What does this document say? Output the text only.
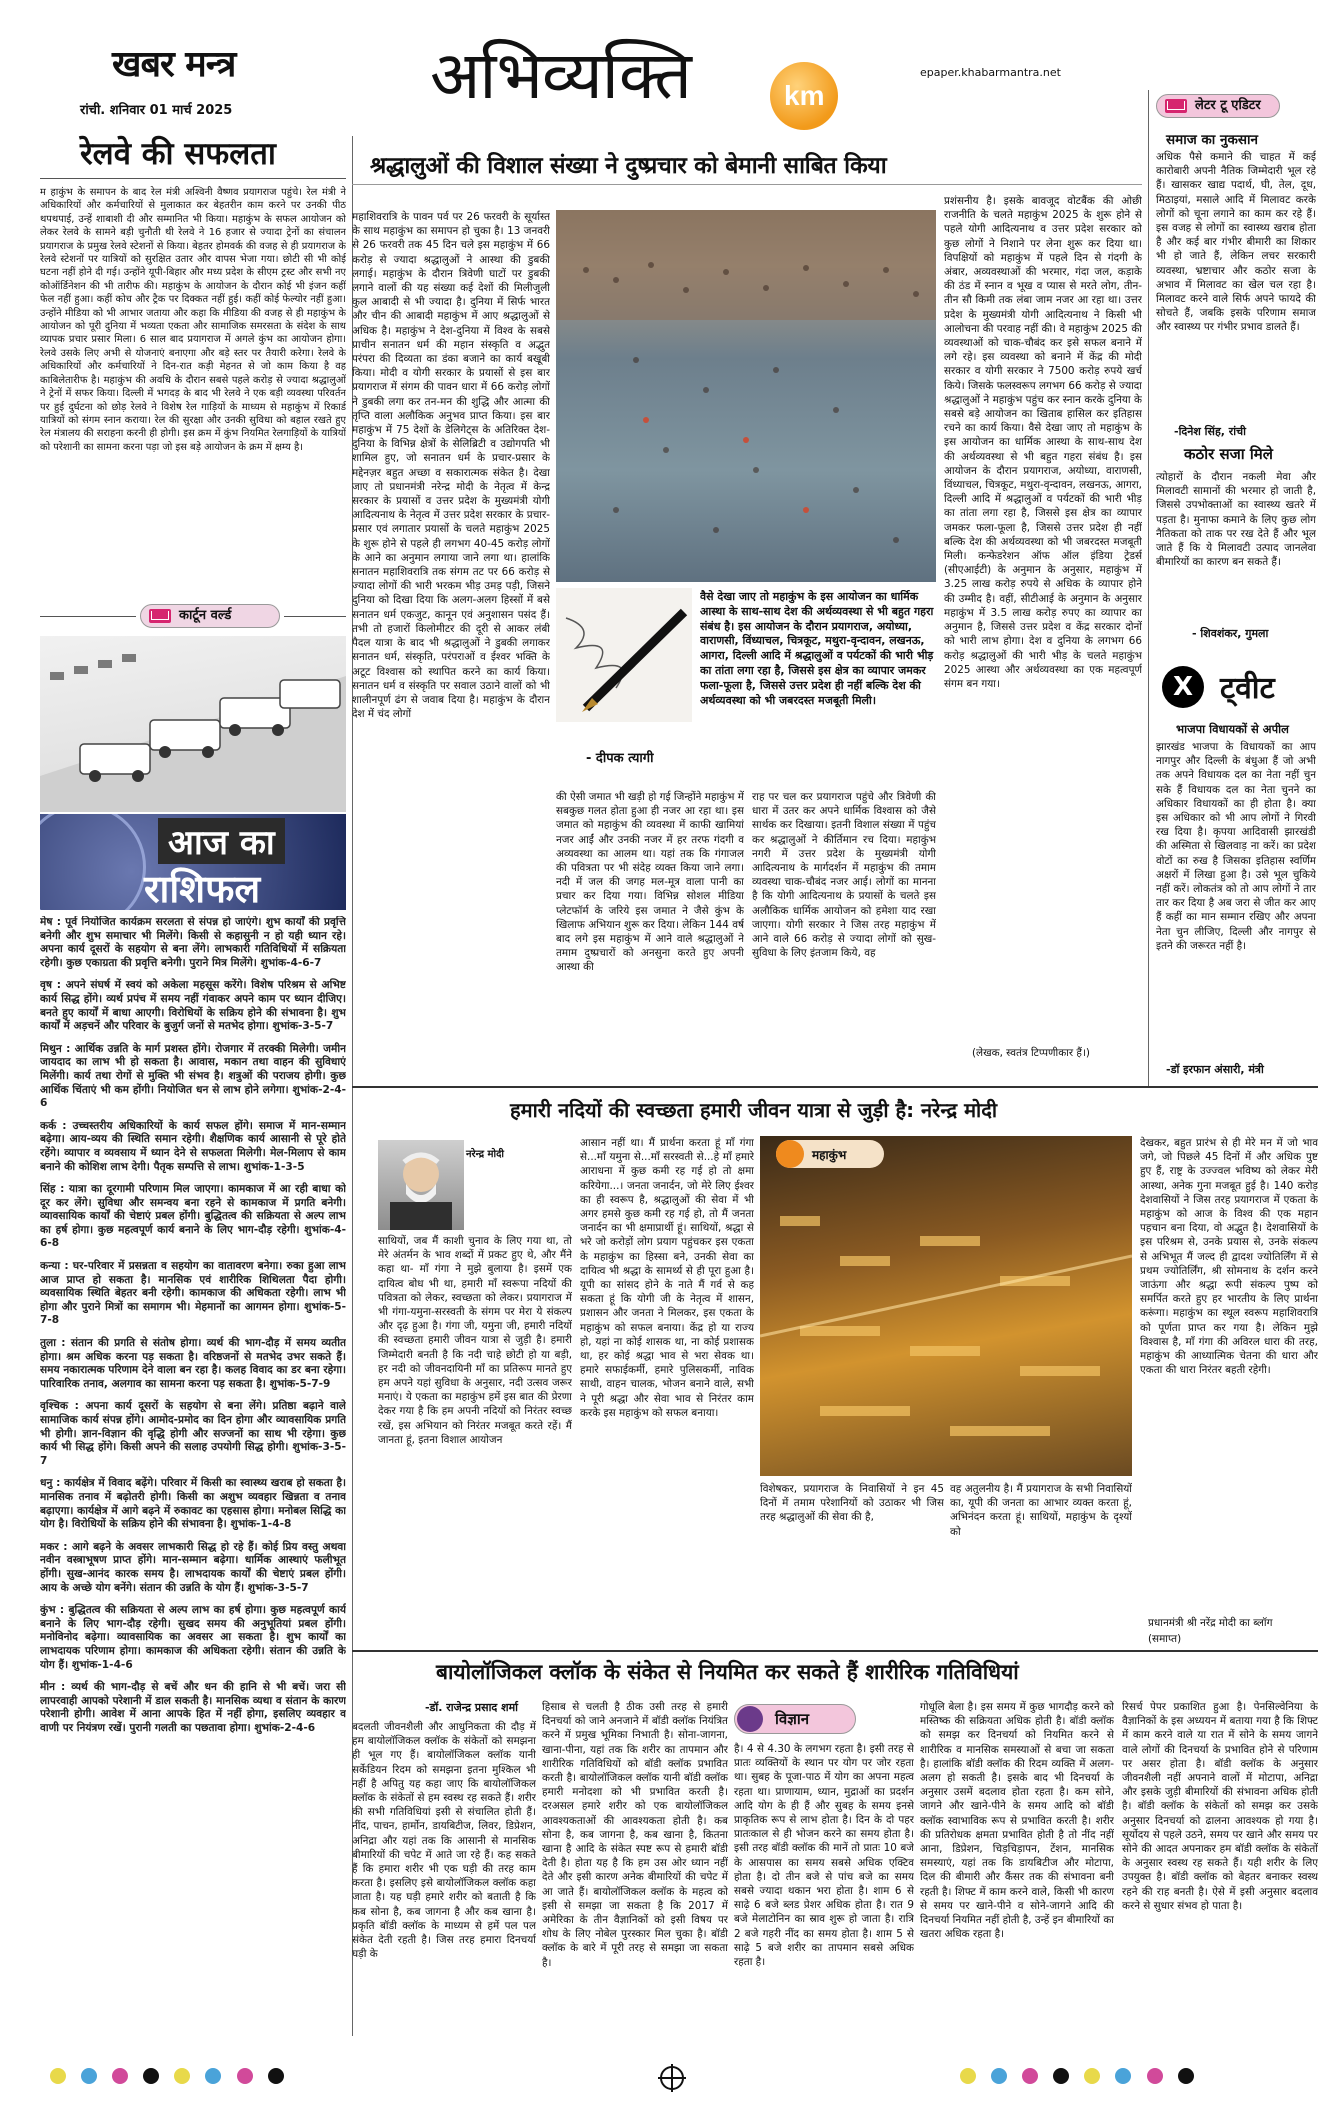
खबर मन्त्र
रांची. शनिवार 01 मार्च 2025	अभिव्यक्ति	km
epaper.khabarmantra.net
रेलवे की सफलता
म हाकुंभ के समापन के बाद रेल मंत्री अश्विनी वैष्णव प्रयागराज पहुंचे। रेल मंत्री ने अधिकारियों और कर्मचारियों से मुलाकात कर बेहतरीन काम करने पर उनकी पीठ थपथपाई, उन्हें शाबाशी दी और सम्मानित भी किया। महाकुंभ के सफल आयोजन को लेकर रेलवे के सामने बड़ी चुनौती थी रेलवे ने 16 हजार से ज्यादा ट्रेनों का संचालन प्रयागराज के प्रमुख रेलवे स्टेशनों से किया। बेहतर होमवर्क की वजह से ही प्रयागराज के रेलवे स्टेशनों पर यात्रियों को सुरक्षित उतार और वापस भेजा गया। छोटी सी भी कोई घटना नहीं होने दी गई। उन्होंने यूपी-बिहार और मध्य प्रदेश के सीएम ट्रस्ट और सभी नए कोऑर्डिनेशन की भी तारीफ की। महाकुंभ के आयोजन के दौरान कोई भी इंजन कहीं फेल नहीं हुआ। कहीं कोच और ट्रैक पर दिक्कत नहीं हुई। कहीं कोई फेल्योर नहीं हुआ। उन्होंने मीडिया को भी आभार जताया और कहा कि मीडिया की वजह से ही महाकुंभ के आयोजन को पूरी दुनिया में भव्यता एकता और सामाजिक समरसता के संदेश के साथ व्यापक प्रचार प्रसार मिला। 6 साल बाद प्रयागराज में अगले कुंभ का आयोजन होगा। रेलवे उसके लिए अभी से योजनाएं बनाएगा और बड़े स्तर पर तैयारी करेगा। रेलवे के अधिकारियों और कर्मचारियों ने दिन-रात कड़ी मेहनत से जो काम किया है वह काबिलेतारीफ है। महाकुंभ की अवधि के दौरान सबसे पहले करोड़ से ज्यादा श्रद्धालुओं ने ट्रेनों में सफर किया। दिल्ली में भगदड़ के बाद भी रेलवे ने एक बड़ी व्यवस्था परिवर्तन पर हुई दुर्घटना को छोड़ रेलवे ने विशेष रेल गाड़ियों के माध्यम से महाकुंभ में रिकार्ड यात्रियों को संगम स्नान कराया। रेल की सुरक्षा और उनकी सुविधा को बहाल रखते हुए रेल मंत्रालय की सराहना करनी ही होगी। इस क्रम में कुंभ नियमित रेलगाड़ियों के यात्रियों को परेशानी का सामना करना पड़ा जो इस बड़े आयोजन के क्रम में क्षम्य है।
कार्टून वर्ल्ड
आज का
राशिफल

मेष : पूर्व नियोजित कार्यक्रम सरलता से संपन्न हो जाएंगे। शुभ कार्यों की प्रवृत्ति बनेगी और शुभ समाचार भी मिलेंगे। किसी से कहासुनी न हो यही ध्यान रहे। अपना कार्य दूसरों के सहयोग से बना लेंगे। लाभकारी गतिविधियों में सक्रियता रहेगी। कुछ एकाग्रता की प्रवृत्ति बनेगी। पुराने मित्र मिलेंगे। शुभांक-4-6-7

वृष : अपने संघर्ष में स्वयं को अकेला महसूस करेंगे। विशेष परिश्रम से अभिष्ट कार्य सिद्ध होंगे। व्यर्थ प्रपंच में समय नहीं गंवाकर अपने काम पर ध्यान दीजिए। बनते हुए कार्यों में बाधा आएगी। विरोधियों के सक्रिय होने की संभावना है। शुभ कार्यों में अड़चनें और परिवार के बुजुर्ग जनों से मतभेद होगा। शुभांक-3-5-7

मिथुन : आर्थिक उन्नति के मार्ग प्रशस्त होंगे। रोजगार में तरक्की मिलेगी। जमीन जायदाद का लाभ भी हो सकता है। आवास, मकान तथा वाहन की सुविधाएं मिलेंगी। कार्य तथा रोगों से मुक्ति भी संभव है। शत्रुओं की पराजय होगी। कुछ आर्थिक चिंताएं भी कम होंगी। नियोजित धन से लाभ होने लगेगा। शुभांक-2-4-6

कर्क : उच्चस्तरीय अधिकारियों के कार्य सफल होंगे। समाज में मान-सम्मान बढ़ेगा। आय-व्यय की स्थिति समान रहेगी। शैक्षणिक कार्य आसानी से पूरे होते रहेंगे। व्यापार व व्यवसाय में ध्यान देने से सफलता मिलेगी। मेल-मिलाप से काम बनाने की कोशिश लाभ देगी। पैतृक सम्पत्ति से लाभ। शुभांक-1-3-5

सिंह : यात्रा का दूरगामी परिणाम मिल जाएगा। कामकाज में आ रही बाधा को दूर कर लेंगे। सुविधा और समन्वय बना रहने से कामकाज में प्रगति बनेगी। व्यावसायिक कार्यों की चेष्टाएं प्रबल होंगी। बुद्धितत्व की सक्रियता से अल्प लाभ का हर्ष होगा। कुछ महत्वपूर्ण कार्य बनाने के लिए भाग-दौड़ रहेगी। शुभांक-4-6-8

कन्या : घर-परिवार में प्रसन्नता व सहयोग का वातावरण बनेगा। रुका हुआ लाभ आज प्राप्त हो सकता है। मानसिक एवं शारीरिक शिथिलता पैदा होगी। व्यवसायिक स्थिति बेहतर बनी रहेगी। कामकाज की अधिकता रहेगी। लाभ भी होगा और पुराने मित्रों का समागम भी। मेहमानों का आगमन होगा। शुभांक-5-7-8

तुला : संतान की प्रगति से संतोष होगा। व्यर्थ की भाग-दौड़ में समय व्यतीत होगा। श्रम अधिक करना पड़ सकता है। वरिष्ठजनों से मतभेद उभर सकते हैं। समय नकारात्मक परिणाम देने वाला बन रहा है। कलह विवाद का डर बना रहेगा। पारिवारिक तनाव, अलगाव का सामना करना पड़ सकता है। शुभांक-5-7-9

वृश्चिक : अपना कार्य दूसरों के सहयोग से बना लेंगे। प्रतिष्ठा बढ़ाने वाले सामाजिक कार्य संपन्न होंगे। आमोद-प्रमोद का दिन होगा और व्यावसायिक प्रगति भी होगी। ज्ञान-विज्ञान की वृद्धि होगी और सज्जनों का साथ भी रहेगा। कुछ कार्य भी सिद्ध होंगे। किसी अपने की सलाह उपयोगी सिद्ध होगी। शुभांक-3-5-7

धनु : कार्यक्षेत्र में विवाद बढ़ेंगे। परिवार में किसी का स्वास्थ्य खराब हो सकता है। मानसिक तनाव में बढ़ोतरी होगी। किसी का अशुभ व्यवहार खिन्नता व तनाव बढ़ाएगा। कार्यक्षेत्र में आगे बढ़ने में रुकावट का एहसास होगा। मनोबल सिद्धि का योग है। विरोधियों के सक्रिय होने की संभावना है। शुभांक-1-4-8

मकर : आगे बढ़ने के अवसर लाभकारी सिद्ध हो रहे हैं। कोई प्रिय वस्तु अथवा नवीन वस्त्राभूषण प्राप्त होंगे। मान-सम्मान बढ़ेगा। धार्मिक आस्थाएं फलीभूत होंगी। सुख-आनंद कारक समय है। लाभदायक कार्यों की चेष्टाएं प्रबल होंगी। आय के अच्छे योग बनेंगे। संतान की उन्नति के योग हैं। शुभांक-3-5-7

कुंभ : बुद्धितत्व की सक्रियता से अल्प लाभ का हर्ष होगा। कुछ महत्वपूर्ण कार्य बनाने के लिए भाग-दौड़ रहेगी। सुखद समय की अनुभूतियां प्रबल होंगी। मनोविनोद बढ़ेगा। व्यावसायिक का अवसर आ सकता है। शुभ कार्यों का लाभदायक परिणाम होगा। कामकाज की अधिकता रहेगी। संतान की उन्नति के योग हैं। शुभांक-1-4-6

मीन : व्यर्थ की भाग-दौड़ से बचें और धन की हानि से भी बचें। जरा सी लापरवाही आपको परेशानी में डाल सकती है। मानसिक व्यथा व संतान के कारण परेशानी होगी। आवेश में आना आपके हित में नहीं होगा, इसलिए व्यवहार व वाणी पर नियंत्रण रखें। पुरानी गलती का पछतावा होगा। शुभांक-2-4-6

श्रद्धालुओं की विशाल संख्या ने दुष्प्रचार को बेमानी साबित किया
महाशिवरात्रि के पावन पर्व पर 26 फरवरी के सूर्यास्त के साथ महाकुंभ का समापन हो चुका है। 13 जनवरी से 26 फरवरी तक 45 दिन चले इस महाकुंभ में 66 करोड़ से ज्यादा श्रद्धालुओं ने आस्था की डुबकी लगाई। महाकुंभ के दौरान त्रिवेणी घाटों पर डुबकी लगाने वालों की यह संख्या कई देशों की मिलीजुली कुल आबादी से भी ज्यादा है। दुनिया में सिर्फ भारत और चीन की आबादी महाकुंभ में आए श्रद्धालुओं से अधिक है। महाकुंभ ने देश-दुनिया में विश्व के सबसे प्राचीन सनातन धर्म की महान संस्कृति व अद्भुत परंपरा की दिव्यता का डंका बजाने का कार्य बखूबी किया। मोदी व योगी सरकार के प्रयासों से इस बार प्रयागराज में संगम की पावन धारा में 66 करोड़ लोगों ने डुबकी लगा कर तन-मन की शुद्धि और आत्मा की तृप्ति वाला अलौकिक अनुभव प्राप्त किया। इस बार महाकुंभ में 75 देशों के डेलिगेट्स के अतिरिक्त देश-दुनिया के विभिन्न क्षेत्रों के सेलिब्रिटी व उद्योगपति भी शामिल हुए, जो सनातन धर्म के प्रचार-प्रसार के मद्देनज़र बहुत अच्छा व सकारात्मक संकेत है। देखा जाए तो प्रधानमंत्री नरेन्द्र मोदी के नेतृत्व में केन्द्र सरकार के प्रयासों व उत्तर प्रदेश के मुख्यमंत्री योगी आदित्यनाथ के नेतृत्व में उत्तर प्रदेश सरकार के प्रचार-प्रसार एवं लगातार प्रयासों के चलते महाकुंभ 2025 के शुरू होने से पहले ही लगभग 40-45 करोड़ लोगों के आने का अनुमान लगाया जाने लगा था। हालांकि सनातन महाशिवरात्रि तक संगम तट पर 66 करोड़ से ज्यादा लोगों की भारी भरकम भीड़ उमड़ पड़ी, जिसने दुनिया को दिखा दिया कि अलग-अलग हिस्सों में बसे सनातन धर्म एकजुट, कानून एवं अनुशासन पसंद हैं। तभी तो हजारों किलोमीटर की दूरी से आकर लंबी पैदल यात्रा के बाद भी श्रद्धालुओं ने डुबकी लगाकर सनातन धर्म, संस्कृति, परंपराओं व ईश्वर भक्ति के अटूट विश्वास को स्थापित करने का कार्य किया। सनातन धर्म व संस्कृति पर सवाल उठाने वालों को भी शालीनपूर्ण ढंग से जवाब दिया है। महाकुंभ के दौरान देश में चंद लोगों
- दीपक त्यागी
वैसे देखा जाए तो महाकुंभ के इस आयोजन का धार्मिक आस्था के साथ-साथ देश की अर्थव्यवस्था से भी बहुत गहरा संबंध है। इस आयोजन के दौरान प्रयागराज, अयोध्या, वाराणसी, विंध्याचल, चित्रकूट, मथुरा-वृन्दावन, लखनऊ, आगरा, दिल्ली आदि में श्रद्धालुओं व पर्यटकों की भारी भीड़ का तांता लगा रहा है, जिससे इस क्षेत्र का व्यापार जमकर फला-फूला है, जिससे उत्तर प्रदेश ही नहीं बल्कि देश की अर्थव्यवस्था को भी जबरदस्त मजबूती मिली।
की ऐसी जमात भी खड़ी हो गई जिन्होंने महाकुंभ में सबकुछ गलत होता हुआ ही नजर आ रहा था। इस जमात को महाकुंभ की व्यवस्था में काफी खामियां नजर आईं और उनकी नजर में हर तरफ गंदगी व अव्यवस्था का आलम था। यहां तक कि गंगाजल की पवित्रता पर भी संदेह व्यक्त किया जाने लगा। नदी में जल की जगह मल-मूत्र वाला पानी का प्रचार कर दिया गया। विभिन्न सोशल मीडिया प्लेटफॉर्म के जरिये इस जमात ने जैसे कुंभ के खिलाफ अभियान शुरू कर दिया। लेकिन 144 वर्ष बाद लगे इस महाकुंभ में आने वाले श्रद्धालुओं ने तमाम दुष्प्रचारों को अनसुना करते हुए अपनी आस्था की
राह पर चल कर प्रयागराज पहुंचे और त्रिवेणी की धारा में उतर कर अपने धार्मिक विश्वास को जैसे सार्थक कर दिखाया। इतनी विशाल संख्या में पहुंच कर श्रद्धालुओं ने कीर्तिमान रच दिया। महाकुंभ नगरी में उत्तर प्रदेश के मुख्यमंत्री योगी आदित्यनाथ के मार्गदर्शन में महाकुंभ की तमाम व्यवस्था चाक-चौबंद नजर आई। लोगों का मानना है कि योगी आदित्यनाथ के प्रयासों के चलते इस अलौकिक धार्मिक आयोजन को हमेशा याद रखा जाएगा। योगी सरकार ने जिस तरह महाकुंभ में आने वाले 66 करोड़ से ज्यादा लोगों को सुख-सुविधा के लिए इंतजाम किये, वह
प्रशंसनीय है। इसके बावजूद वोटबैंक की ओछी राजनीति के चलते महाकुंभ 2025 के शुरू होने से पहले योगी आदित्यनाथ व उत्तर प्रदेश सरकार को कुछ लोगों ने निशाने पर लेना शुरू कर दिया था। विपक्षियों को महाकुंभ में पहले दिन से गंदगी के अंबार, अव्यवस्थाओं की भरमार, गंदा जल, कड़ाके की ठंड में स्नान व भूख व प्यास से मरते लोग, तीन-तीन सौ किमी तक लंबा जाम नजर आ रहा था। उत्तर प्रदेश के मुख्यमंत्री योगी आदित्यनाथ ने किसी भी आलोचना की परवाह नहीं की। वे महाकुंभ 2025 की व्यवस्थाओं को चाक-चौबंद कर इसे सफल बनाने में लगे रहे। इस व्यवस्था को बनाने में केंद्र की मोदी सरकार व योगी सरकार ने 7500 करोड़ रुपये खर्च किये। जिसके फलस्वरूप लगभग 66 करोड़ से ज्यादा श्रद्धालुओं ने महाकुंभ पहुंच कर स्नान करके दुनिया के सबसे बड़े आयोजन का खिताब हासिल कर इतिहास रचने का कार्य किया। वैसे देखा जाए तो महाकुंभ के इस आयोजन का धार्मिक आस्था के साथ-साथ देश की अर्थव्यवस्था से भी बहुत गहरा संबंध है। इस आयोजन के दौरान प्रयागराज, अयोध्या, वाराणसी, विंध्याचल, चित्रकूट, मथुरा-वृन्दावन, लखनऊ, आगरा, दिल्ली आदि में श्रद्धालुओं व पर्यटकों की भारी भीड़ का तांता लगा रहा है, जिससे इस क्षेत्र का व्यापार जमकर फला-फूला है, जिससे उत्तर प्रदेश ही नहीं बल्कि देश की अर्थव्यवस्था को भी जबरदस्त मजबूती मिली। कन्फेडरेशन ऑफ ऑल इंडिया ट्रेडर्स (सीएआईटी) के अनुमान के अनुसार, महाकुंभ में 3.25 लाख करोड़ रुपये से अधिक के व्यापार होने की उम्मीद है। वहीं, सीटीआई के अनुमान के अनुसार महाकुंभ में 3.5 लाख करोड़ रुपए का व्यापार का अनुमान है, जिससे उत्तर प्रदेश व केंद्र सरकार दोनों को भारी लाभ होगा। देश व दुनिया के लगभग 66 करोड़ श्रद्धालुओं की भारी भीड़ के चलते महाकुंभ 2025 आस्था और अर्थव्यवस्था का एक महत्वपूर्ण संगम बन गया।
(लेखक, स्वतंत्र टिप्पणीकार हैं।)
लेटर टू एडिटर
समाज का नुकसान
अधिक पैसे कमाने की चाहत में कई कारोबारी अपनी नैतिक जिम्मेदारी भूल रहे हैं। खासकर खाद्य पदार्थ, घी, तेल, दूध, मिठाइयां, मसाले आदि में मिलावट करके लोगों को चूना लगाने का काम कर रहे हैं। इस वजह से लोगों का स्वास्थ्य खराब होता है और कई बार गंभीर बीमारी का शिकार भी हो जाते हैं, लेकिन लचर सरकारी व्यवस्था, भ्रष्टाचार और कठोर सजा के अभाव में मिलावट का खेल चल रहा है। मिलावट करने वाले सिर्फ अपने फायदे की सोचते हैं, जबकि इसके परिणाम समाज और स्वास्थ्य पर गंभीर प्रभाव डालते हैं।
-दिनेश सिंह, रांची
कठोर सजा मिले
त्योहारों के दौरान नकली मेवा और मिलावटी सामानों की भरमार हो जाती है, जिससे उपभोक्ताओं का स्वास्थ्य खतरे में पड़ता है। मुनाफा कमाने के लिए कुछ लोग नैतिकता को ताक पर रख देते हैं और भूल जाते हैं कि ये मिलावटी उत्पाद जानलेवा बीमारियों का कारण बन सकते हैं।
- शिवशंकर, गुमला
X ट्वीट
भाजपा विधायकों से अपील
झारखंड भाजपा के विधायकों का आप नागपुर और दिल्ली के बंधुआ हैं जो अभी तक अपने विधायक दल का नेता नहीं चुन सके हैं विधायक दल का नेता चुनने का अधिकार विधायकों का ही होता है। क्या इस अधिकार को भी आप लोगों ने गिरवी रख दिया है। कृपया आदिवासी झारखंडी की अस्मिता से खिलवाड़ ना करें। का प्रदेश वोटों का रुख है जिसका इतिहास स्वर्णिम अक्षरों में लिखा हुआ है। उसे भूल चुकिये नहीं करें। लोकतंत्र को तो आप लोगों ने तार तार कर दिया है अब जरा से जीत कर आए हैं कहीं का मान सम्मान रखिए और अपना नेता चुन लीजिए, दिल्ली और नागपुर से इतने की जरूरत नहीं है।
-डॉ इरफान अंसारी, मंत्री
हमारी नदियों की स्वच्छता हमारी जीवन यात्रा से जुड़ी है: नरेन्द्र मोदी
नरेन्द्र मोदी
साथियों, जब मैं काशी चुनाव के लिए गया था, तो मेरे अंतर्मन के भाव शब्दों में प्रकट हुए थे, और मैंने कहा था- माँ गंगा ने मुझे बुलाया है। इसमें एक दायित्व बोध भी था, हमारी माँ स्वरूपा नदियों की पवित्रता को लेकर, स्वच्छता को लेकर। प्रयागराज में भी गंगा-यमुना-सरस्वती के संगम पर मेरा ये संकल्प और दृढ़ हुआ है। गंगा जी, यमुना जी, हमारी नदियों की स्वच्छता हमारी जीवन यात्रा से जुड़ी है। हमारी जिम्मेदारी बनती है कि नदी चाहे छोटी हो या बड़ी, हर नदी को जीवनदायिनी माँ का प्रतिरूप मानते हुए हम अपने यहां सुविधा के अनुसार, नदी उत्सव जरूर मनाएं। ये एकता का महाकुंभ हमें इस बात की प्रेरणा देकर गया है कि हम अपनी नदियों को निरंतर स्वच्छ रखें, इस अभियान को निरंतर मजबूत करते रहें। मैं जानता हूं, इतना विशाल आयोजन
आसान नहीं था। मैं प्रार्थना करता हूं माँ गंगा से...माँ यमुना से...माँ सरस्वती से...हे माँ हमारे आराधना में कुछ कमी रह गई हो तो क्षमा करियेगा...। जनता जनार्दन, जो मेरे लिए ईश्वर का ही स्वरूप है, श्रद्धालुओं की सेवा में भी अगर हमसे कुछ कमी रह गई हो, तो मैं जनता जनार्दन का भी क्षमाप्रार्थी हूं। साथियों, श्रद्धा से भरे जो करोड़ों लोग प्रयाग पहुंचकर इस एकता के महाकुंभ का हिस्सा बने, उनकी सेवा का दायित्व भी श्रद्धा के सामर्थ्य से ही पूरा हुआ है। यूपी का सांसद होने के नाते मैं गर्व से कह सकता हूं कि योगी जी के नेतृत्व में शासन, प्रशासन और जनता ने मिलकर, इस एकता के महाकुंभ को सफल बनाया। केंद्र हो या राज्य हो, यहां ना कोई शासक था, ना कोई प्रशासक था, हर कोई श्रद्धा भाव से भरा सेवक था। हमारे सफाईकर्मी, हमारे पुलिसकर्मी, नाविक साथी, वाहन चालक, भोजन बनाने वाले, सभी ने पूरी श्रद्धा और सेवा भाव से निरंतर काम करके इस महाकुंभ को सफल बनाया।
महाकुंभ
विशेषकर, प्रयागराज के निवासियों ने इन 45 दिनों में तमाम परेशानियों को उठाकर भी जिस तरह श्रद्धालुओं की सेवा की है,
वह अतुलनीय है। मैं प्रयागराज के सभी निवासियों का, यूपी की जनता का आभार व्यक्त करता हूं, अभिनंदन करता हूं। साथियों, महाकुंभ के दृश्यों को
देखकर, बहुत प्रारंभ से ही मेरे मन में जो भाव जगे, जो पिछले 45 दिनों में और अधिक पुष्ट हुए हैं, राष्ट्र के उज्ज्वल भविष्य को लेकर मेरी आस्था, अनेक गुना मजबूत हुई है। 140 करोड़ देशवासियों ने जिस तरह प्रयागराज में एकता के महाकुंभ को आज के विश्व की एक महान पहचान बना दिया, वो अद्भुत है। देशवासियों के इस परिश्रम से, उनके प्रयास से, उनके संकल्प से अभिभूत मैं जल्द ही द्वादश ज्योतिर्लिंग में से प्रथम ज्योतिर्लिंग, श्री सोमनाथ के दर्शन करने जाऊंगा और श्रद्धा रूपी संकल्प पुष्प को समर्पित करते हुए हर भारतीय के लिए प्रार्थना करूंगा। महाकुंभ का स्थूल स्वरूप महाशिवरात्रि को पूर्णता प्राप्त कर गया है। लेकिन मुझे विश्वास है, माँ गंगा की अविरल धारा की तरह, महाकुंभ की आध्यात्मिक चेतना की धारा और एकता की धारा निरंतर बहती रहेगी।
प्रधानमंत्री श्री नरेंद्र मोदी का ब्लॉग
(समाप्त)
बायोलॉजिकल क्लॉक के संकेत से नियमित कर सकते हैं शारीरिक गतिविधियां
-डॉ. राजेन्द्र प्रसाद शर्मा
बदलती जीवनशैली और आधुनिकता की दौड़ में हम बायोलॉजिकल क्लॉक के संकेतों को समझना ही भूल गए हैं। बायोलॉजिकल क्लॉक यानी सर्केडियन रिदम को समझना इतना मुश्किल भी नहीं है अपितु यह कहा जाए कि बायोलॉजिकल क्लॉक के संकेतों से हम स्वस्थ रह सकते हैं। शरीर की सभी गतिविधियां इसी से संचालित होती हैं। नींद, पाचन, हार्मोन, डायबिटीज, लिवर, डिप्रेशन, अनिद्रा और यहां तक कि आसानी से मानसिक बीमारियों की चपेट में आते जा रहे हैं। कह सकते हैं कि हमारा शरीर भी एक घड़ी की तरह काम करता है। इसलिए इसे बायोलॉजिकल क्लॉक कहा जाता है। यह घड़ी हमारे शरीर को बताती है कि कब सोना है, कब जागना है और कब खाना है। प्रकृति बॉडी क्लॉक के माध्यम से हमें पल पल संकेत देती रहती है। जिस तरह हमारा दिनचर्या घड़ी के
हिसाब से चलती है ठीक उसी तरह से हमारी दिनचर्या को जाने अनजाने में बॉडी क्लॉक नियंत्रित करने में प्रमुख भूमिका निभाती है। सोना-जागना, खाना-पीना, यहां तक कि शरीर का तापमान और शारीरिक गतिविधियों को बॉडी क्लॉक प्रभावित करती है। बायोलॉजिकल क्लॉक यानी बॉडी क्लॉक हमारी मनोदशा को भी प्रभावित करती है। दरअसल हमारे शरीर को एक बायोलॉजिकल आवश्यकताओं की आवश्यकता होती है। कब सोना है, कब जागना है, कब खाना है, कितना खाना है आदि के संकेत स्पष्ट रूप से हमारी बॉडी देती है। होता यह है कि हम उस ओर ध्यान नहीं देते और इसी कारण अनेक बीमारियों की चपेट में आ जाते हैं। बायोलॉजिकल क्लॉक के महत्व को इसी से समझा जा सकता है कि 2017 में अमेरिका के तीन वैज्ञानिकों को इसी विषय पर शोध के लिए नोबेल पुरस्कार मिल चुका है। बॉडी क्लॉक के बारे में पूरी तरह से समझा जा सकता है।
विज्ञान
है। 4 से 4.30 के लगभग रहता है। इसी तरह से प्रातः व्यक्तियों के स्थान पर योग पर जोर रहता था। सुबह के पूजा-पाठ में योग का अपना महत्व रहता था। प्राणायाम, ध्यान, मुद्राओं का प्रदर्शन आदि योग के ही हैं और सुबह के समय इनसे प्राकृतिक रूप से लाभ होता है। दिन के दो पहर प्रातःकाल से ही भोजन करने का समय होता है। इसी तरह बॉडी क्लॉक की मानें तो प्रातः 10 बजे के आसपास का समय सबसे अधिक एक्टिव होता है। दो तीन बजे से पांच बजे का समय सबसे ज्यादा थकान भरा होता है। शाम 6 से साढ़े 6 बजे ब्लड प्रेशर अधिक होता है। रात 9 बजे मेलाटोनिन का स्राव शुरू हो जाता है। रात्रि 2 बजे गहरी नींद का समय होता है। शाम 5 से साढ़े 5 बजे शरीर का तापमान सबसे अधिक रहता है।
गोधूलि बेला है। इस समय में कुछ भागदौड़ करने को मस्तिष्क की सक्रियता अधिक होती है। बॉडी क्लॉक को समझ कर दिनचर्या को नियमित करने से शारीरिक व मानसिक समस्याओं से बचा जा सकता है। हालांकि बॉडी क्लॉक की रिदम व्यक्ति में अलग-अलग हो सकती है। इसके बाद भी दिनचर्या के अनुसार उसमें बदलाव होता रहता है। कम सोने, जागने और खाने-पीने के समय आदि को बॉडी क्लॉक स्वाभाविक रूप से प्रभावित करती है। शरीर की प्रतिरोधक क्षमता प्रभावित होती है तो नींद नहीं आना, डिप्रेशन, चिड़चिड़ापन, टेंशन, मानसिक समस्याएं, यहां तक कि डायबिटीज और मोटापा, दिल की बीमारी और कैंसर तक की संभावना बनी रहती है। शिफ्ट में काम करने वाले, किसी भी कारण से समय पर खाने-पीने व सोने-जागने आदि की दिनचर्या नियमित नहीं होती है, उन्हें इन बीमारियों का खतरा अधिक रहता है।
रिसर्च पेपर प्रकाशित हुआ है। पेनसिल्वेनिया के वैज्ञानिकों के इस अध्ययन में बताया गया है कि शिफ्ट में काम करने वाले या रात में सोने के समय जागने वाले लोगों की दिनचर्या के प्रभावित होने से परिणाम पर असर होता है। बॉडी क्लॉक के अनुसार जीवनशैली नहीं अपनाने वालों में मोटापा, अनिद्रा और इसके जुड़ी बीमारियों की संभावना अधिक होती है। बॉडी क्लॉक के संकेतों को समझ कर उसके अनुसार दिनचर्या को ढालना आवश्यक हो गया है। सूर्योदय से पहले उठने, समय पर खाने और समय पर सोने की आदत अपनाकर हम बॉडी क्लॉक के संकेतों के अनुसार स्वस्थ रह सकते हैं। यही शरीर के लिए उपयुक्त है। बॉडी क्लॉक को बेहतर बनाकर स्वस्थ रहने की राह बनती है। ऐसे में इसी अनुसार बदलाव करने से सुधार संभव हो पाता है।
